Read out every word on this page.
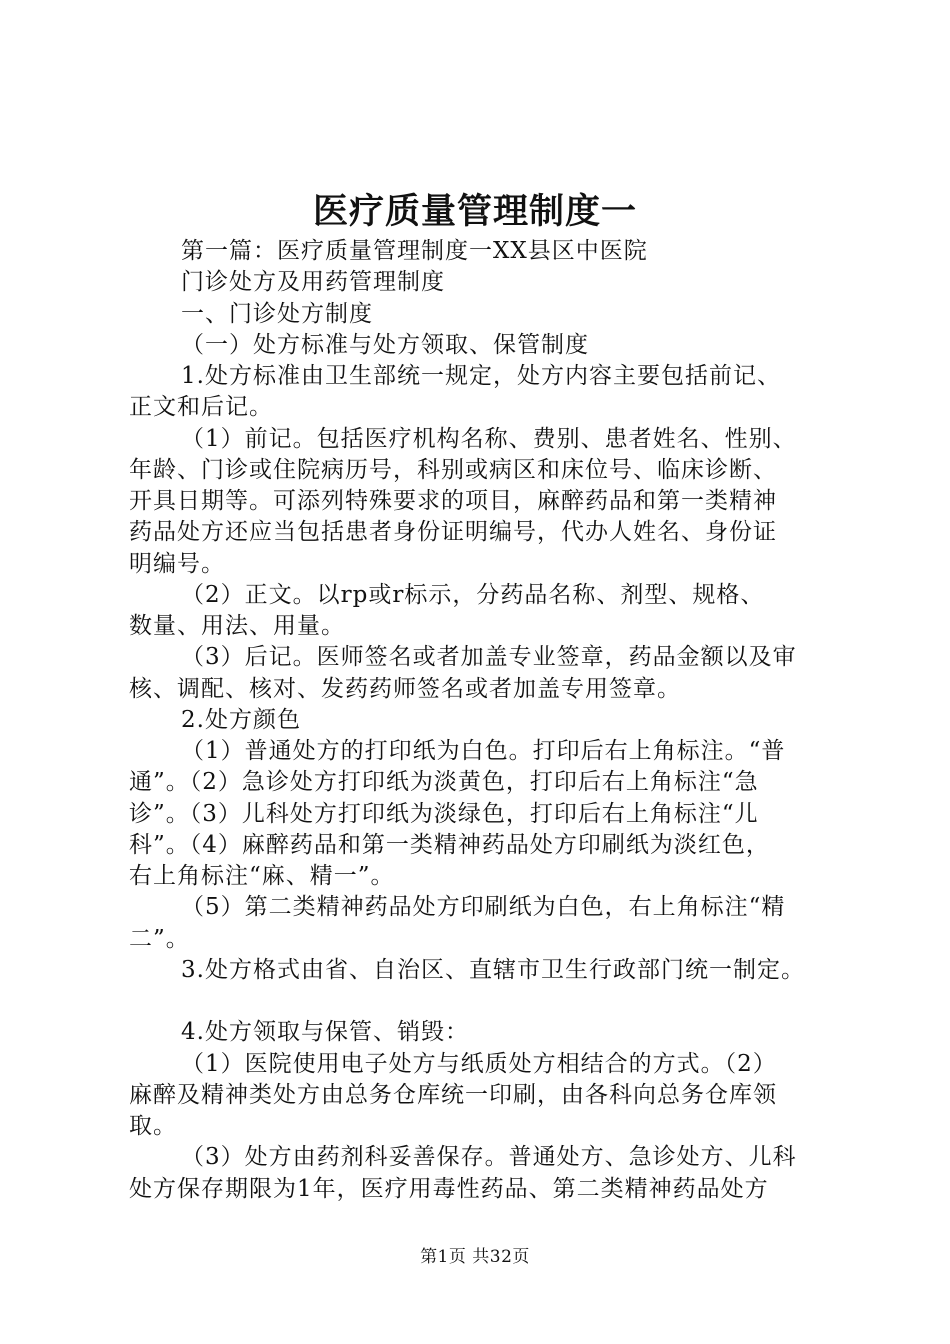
医疗质量管理制度一
第一篇：医疗质量管理制度一XX县区中医院
门诊处方及用药管理制度
一、门诊处方制度
（一）处方标准与处方领取、保管制度
1.处方标准由卫生部统一规定，处方内容主要包括前记、
正文和后记。
（1）前记。包括医疗机构名称、费别、患者姓名、性别、
年龄、门诊或住院病历号，科别或病区和床位号、临床诊断、
开具日期等。可添列特殊要求的项目，麻醉药品和第一类精神
药品处方还应当包括患者身份证明编号，代办人姓名、身份证
明编号。
（2）正文。以rp或r标示，分药品名称、剂型、规格、
数量、用法、用量。
（3）后记。医师签名或者加盖专业签章，药品金额以及审
核、调配、核对、发药药师签名或者加盖专用签章。
2.处方颜色
（1）普通处方的打印纸为白色。打印后右上角标注。“普
通”。（2）急诊处方打印纸为淡黄色，打印后右上角标注“急
诊”。（3）儿科处方打印纸为淡绿色，打印后右上角标注“儿
科”。（4）麻醉药品和第一类精神药品处方印刷纸为淡红色，
右上角标注“麻、精一”。
（5）第二类精神药品处方印刷纸为白色，右上角标注“精
二”。
3.处方格式由省、自治区、直辖市卫生行政部门统一制定。
4.处方领取与保管、销毁：
（1）医院使用电子处方与纸质处方相结合的方式。（2）
麻醉及精神类处方由总务仓库统一印刷，由各科向总务仓库领
取。
（3）处方由药剂科妥善保存。普通处方、急诊处方、儿科
处方保存期限为1年，医疗用毒性药品、第二类精神药品处方
第1页 共32页
